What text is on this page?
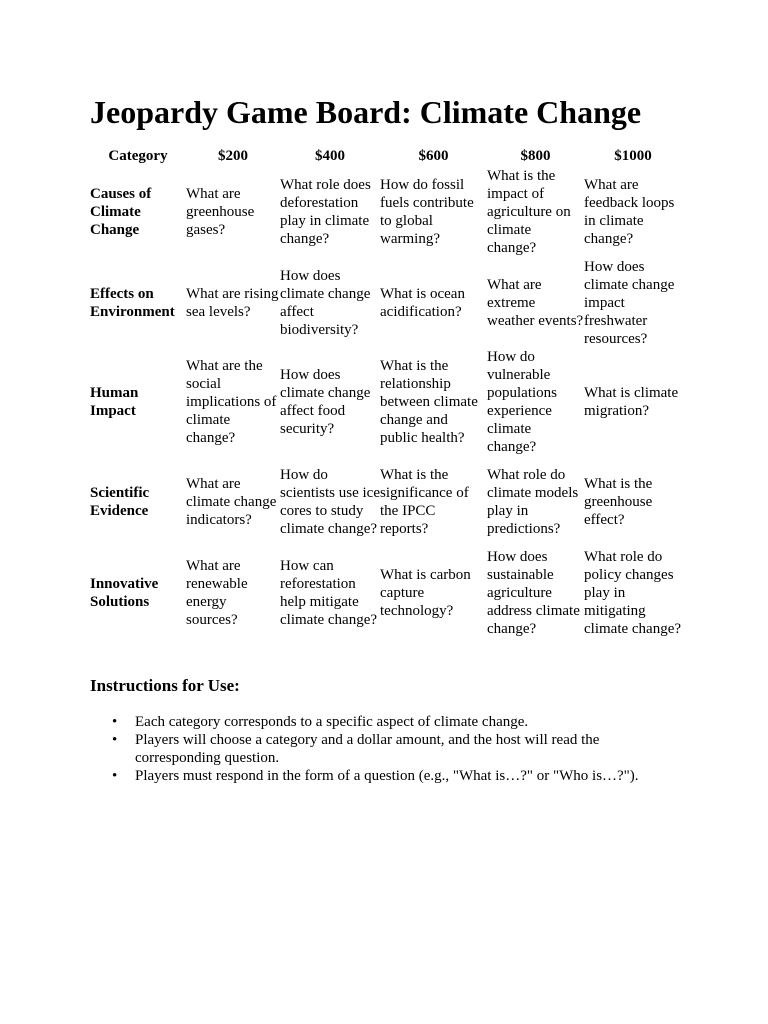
Jeopardy Game Board: Climate Change
Category	$200	$400	$600	$800	$1000
Causes of Climate Change	What are greenhouse gases?	What role does deforestation play in climate change?	How do fossil fuels contribute to global warming?	What is the impact of agriculture on climate change?	What are feedback loops in climate change?
Effects on Environment	What are rising sea levels?	How does climate change affect biodiversity?	What is ocean acidification?	What are extreme weather events?	How does climate change impact freshwater resources?
Human Impact	What are the social implications of climate change?	How does climate change affect food security?	What is the relationship between climate change and public health?	How do vulnerable populations experience climate change?	What is climate migration?
Scientific Evidence	What are climate change indicators?	How do scientists use ice cores to study climate change?	What is the significance of the IPCC reports?	What role do climate models play in predictions?	What is the greenhouse effect?
Innovative Solutions	What are renewable energy sources?	How can reforestation help mitigate climate change?	What is carbon capture technology?	How does sustainable agriculture address climate change?	What role do policy changes play in mitigating climate change?
Instructions for Use:
• Each category corresponds to a specific aspect of climate change.
• Players will choose a category and a dollar amount, and the host will read the corresponding question.
• Players must respond in the form of a question (e.g., "What is…?" or "Who is…?").
